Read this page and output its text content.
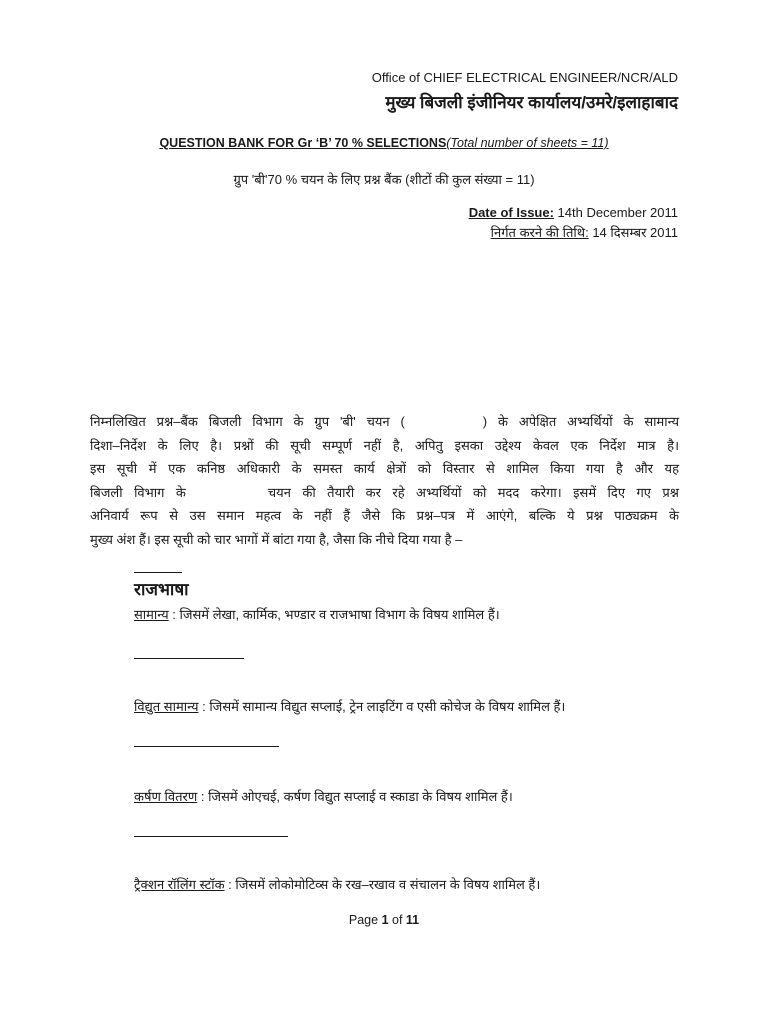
Office of CHIEF ELECTRICAL ENGINEER/NCR/ALD
मुख्य बिजली इंजीनियर कार्यालय/उमरे/इलाहाबाद
QUESTION BANK FOR Gr ‘B’ 70 % SELECTIONS(Total number of sheets = 11)
ग्रुप 'बी'70 % चयन के लिए प्रश्न बैंक (शीटों की कुल संख्या = 11)
Date of Issue: 14th December 2011
निर्गत करने की तिथि: 14 दिसम्बर 2011
निम्नलिखित प्रश्न–बैंक बिजली विभाग के ग्रुप 'बी' चयन (	) के अपेक्षित अभ्यर्थियों के सामान्य
दिशा–निर्देश के लिए है। प्रश्नों की सूची सम्पूर्ण नहीं है, अपितु इसका उद्देश्य केवल एक निर्देश मात्र है।
इस सूची में एक कनिष्ठ अधिकारी के समस्त कार्य क्षेत्रों को विस्तार से शामिल किया गया है और यह
बिजली विभाग के	चयन की तैयारी कर रहे अभ्यर्थियों को मदद करेगा। इसमें दिए गए प्रश्न
अनिवार्य रूप से उस समान महत्व के नहीं हैं जैसे कि प्रश्न–पत्र में आएंगे, बल्कि ये प्रश्न पाठ्यक्रम के
मुख्य अंश हैं। इस सूची को चार भागों में बांटा गया है, जैसा कि नीचे दिया गया है –
राजभाषा
सामान्य : जिसमें लेखा, कार्मिक, भण्डार व राजभाषा विभाग के विषय शामिल हैं।
विद्युत सामान्य : जिसमें सामान्य विद्युत सप्लाई, ट्रेन लाइटिंग व एसी कोचेज के विषय शामिल हैं।
कर्षण वितरण : जिसमें ओएचई, कर्षण विद्युत सप्लाई व स्काडा के विषय शामिल हैं।
ट्रैक्शन रॉलिंग स्टॉक : जिसमें लोकोमोटिव्स के रख–रखाव व संचालन के विषय शामिल हैं।
Page 1 of 11
